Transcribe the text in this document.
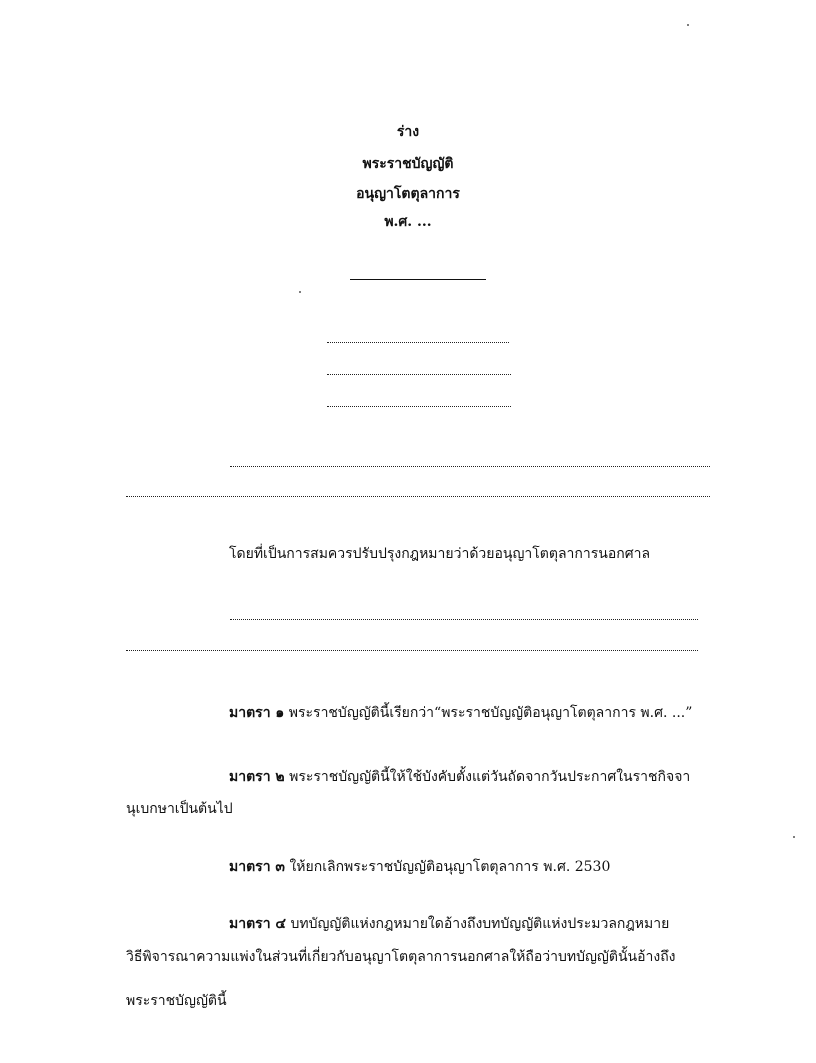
ร่าง
พระราชบัญญัติ
อนุญาโตตุลาการ
พ.ศ. ...
โดยที่เป็นการสมควรปรับปรุงกฎหมายว่าด้วยอนุญาโตตุลาการนอกศาล
มาตรา ๑ พระราชบัญญัตินี้เรียกว่า“พระราชบัญญัติอนุญาโตตุลาการ พ.ศ. ...”
มาตรา ๒ พระราชบัญญัตินี้ให้ใช้บังคับตั้งแต่วันถัดจากวันประกาศในราชกิจจา
นุเบกษาเป็นต้นไป
มาตรา ๓ ให้ยกเลิกพระราชบัญญัติอนุญาโตตุลาการ พ.ศ. 2530
มาตรา ๔ บทบัญญัติแห่งกฎหมายใดอ้างถึงบทบัญญัติแห่งประมวลกฎหมาย
วิธีพิจารณาความแพ่งในส่วนที่เกี่ยวกับอนุญาโตตุลาการนอกศาลให้ถือว่าบทบัญญัตินั้นอ้างถึง
พระราชบัญญัตินี้
